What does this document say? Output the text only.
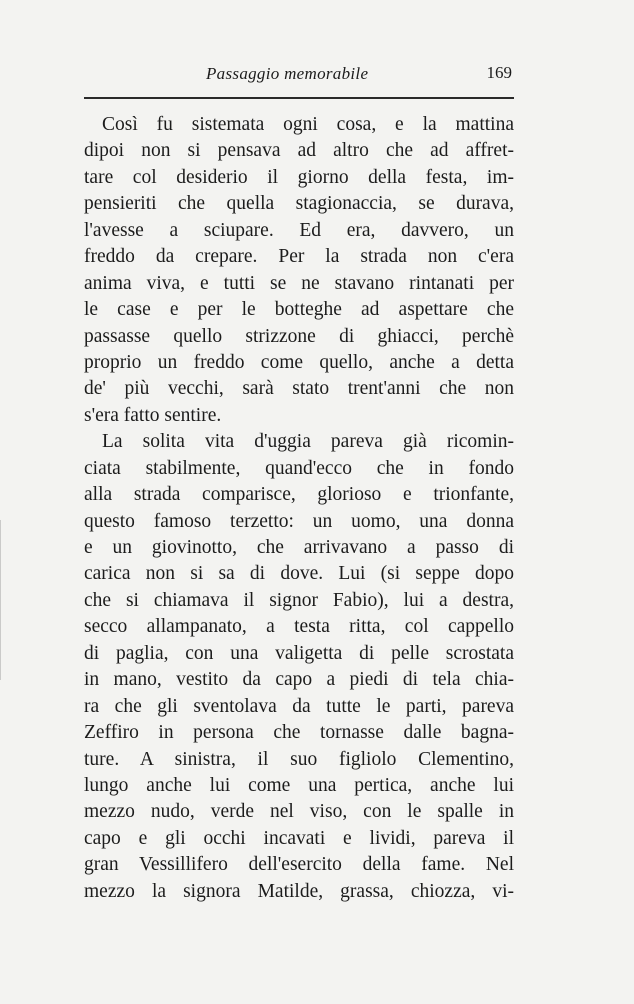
Passaggio memorabile	169
Così fu sistemata ogni cosa, e la mattina
dipoi non si pensava ad altro che ad affret-
tare col desiderio il giorno della festa, im-
pensieriti che quella stagionaccia, se durava,
l'avesse a sciupare. Ed era, davvero, un
freddo da crepare. Per la strada non c'era
anima viva, e tutti se ne stavano rintanati per
le case e per le botteghe ad aspettare che
passasse quello strizzone di ghiacci, perchè
proprio un freddo come quello, anche a detta
de' più vecchi, sarà stato trent'anni che non
s'era fatto sentire.
La solita vita d'uggia pareva già ricomin-
ciata stabilmente, quand'ecco che in fondo
alla strada comparisce, glorioso e trionfante,
questo famoso terzetto: un uomo, una donna
e un giovinotto, che arrivavano a passo di
carica non si sa di dove. Lui (si seppe dopo
che si chiamava il signor Fabio), lui a destra,
secco allampanato, a testa ritta, col cappello
di paglia, con una valigetta di pelle scrostata
in mano, vestito da capo a piedi di tela chia-
ra che gli sventolava da tutte le parti, pareva
Zeffiro in persona che tornasse dalle bagna-
ture. A sinistra, il suo figliolo Clementino,
lungo anche lui come una pertica, anche lui
mezzo nudo, verde nel viso, con le spalle in
capo e gli occhi incavati e lividi, pareva il
gran Vessillifero dell'esercito della fame. Nel
mezzo la signora Matilde, grassa, chiozza, vi-
